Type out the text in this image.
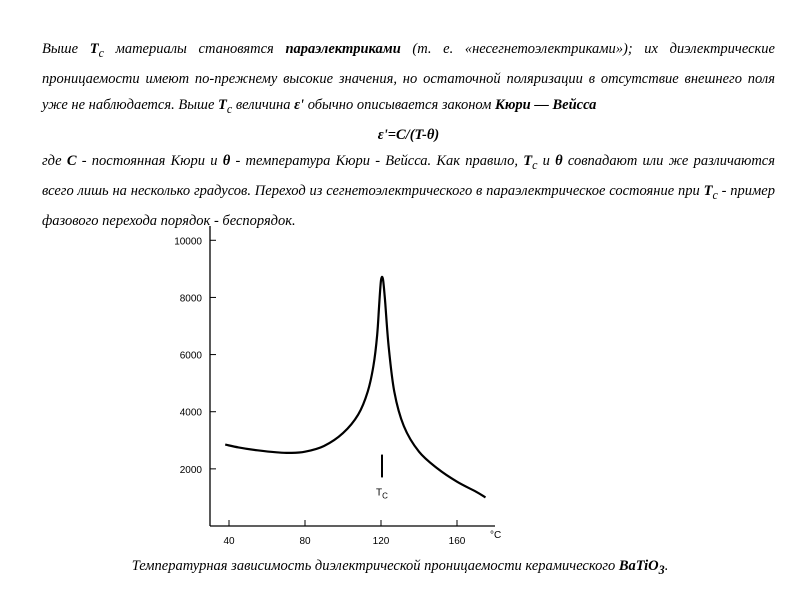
Выше $T_c$ материалы становятся параэлектриками (т. е. «несегнетоэлектриками»); их диэлектрические проницаемости имеют по-прежнему высокие значения, но остаточной поляризации в отсутствие внешнего поля уже не наблюдается. Выше $T_c$ величина ε' обычно описывается законом Кюри — Вейсса

ε'=C/(T-θ)

где C - постоянная Кюри и θ - температура Кюри - Вейсса. Как правило, $T_c$ и θ совпадают или же различаются всего лишь на несколько градусов. Переход из сегнетоэлектрического в параэлектрическое состояние при $T_c$ - пример фазового перехода порядок - беспорядок.

2000
4000
6000
8000
10000
40	80	120	160
°C
$T_C$
Температурная зависимость диэлектрической проницаемости керамического BaTiO$_3$.
